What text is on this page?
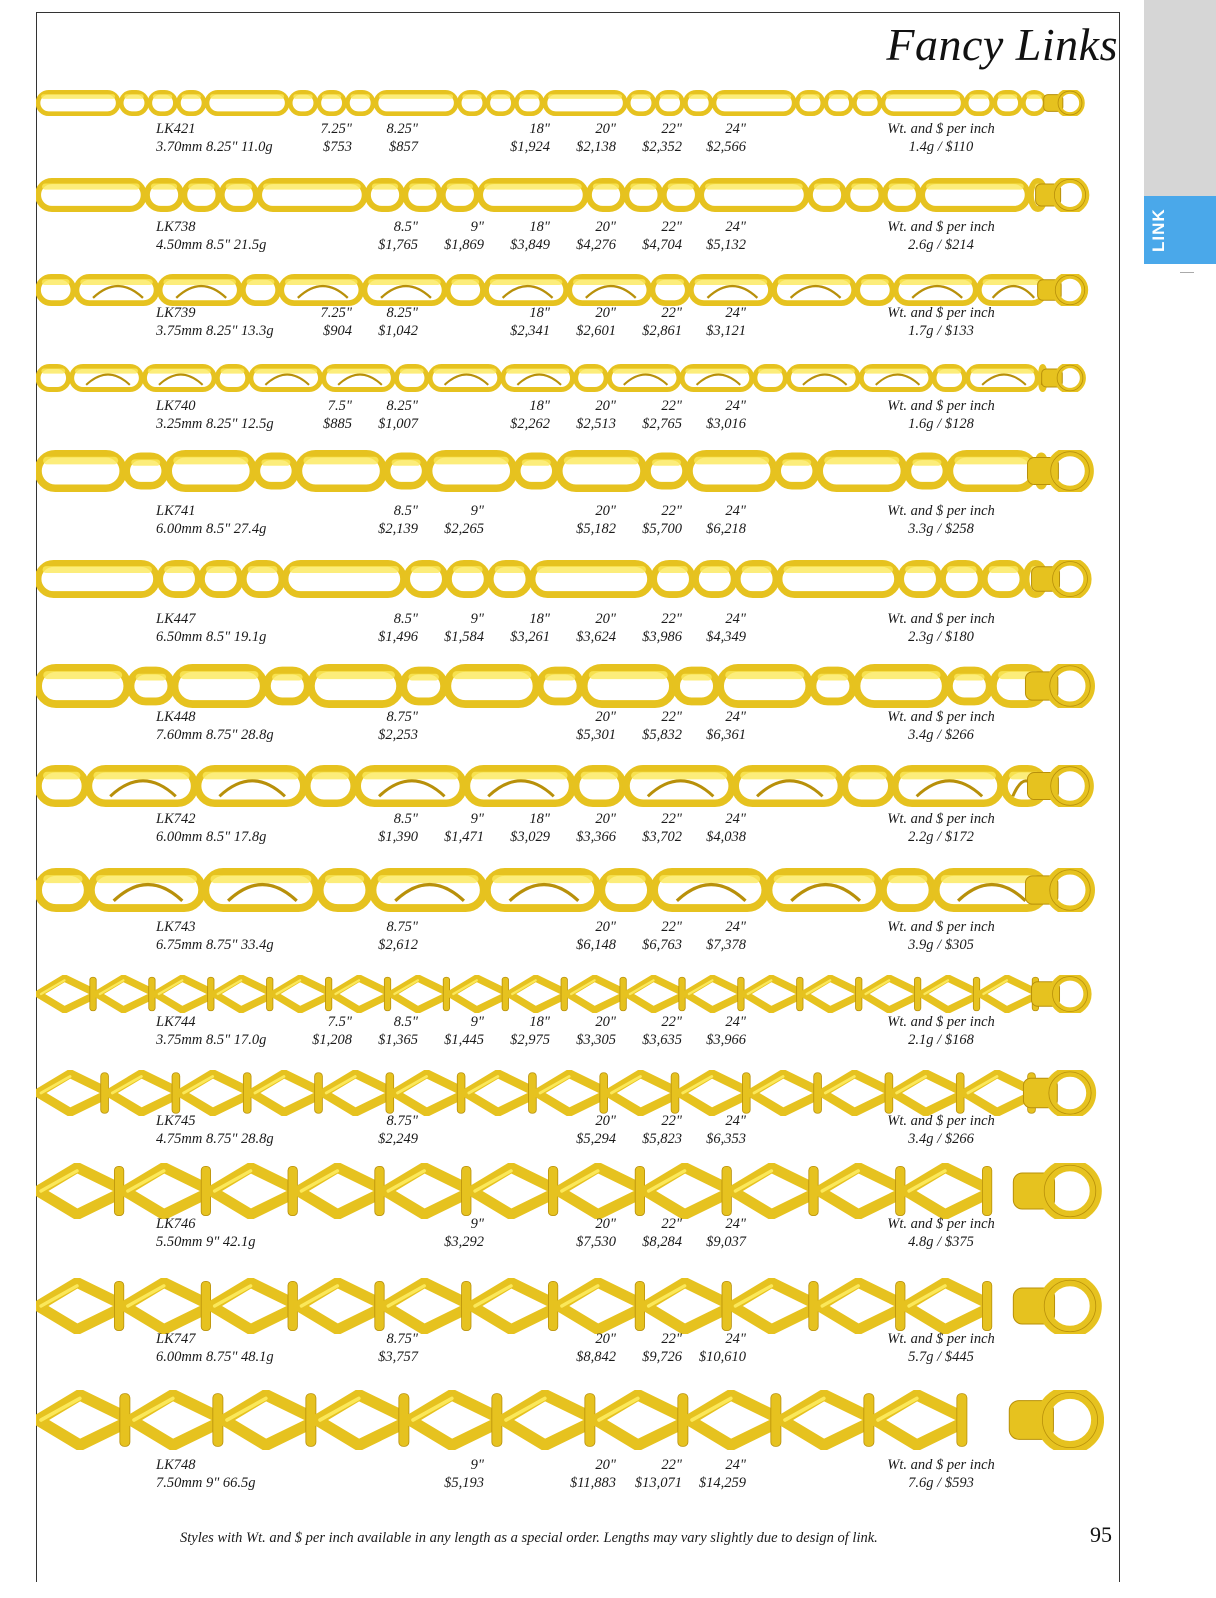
LINK
Fancy Links
LK421
3.70mm 8.25" 11.0g
7.25"
$753
8.25"
$857
18"
$1,924
20"
$2,138
22"
$2,352
24"
$2,566
Wt. and $ per inch
1.4g / $110
LK738
4.50mm 8.5" 21.5g
8.5"
$1,765
9"
$1,869
18"
$3,849
20"
$4,276
22"
$4,704
24"
$5,132
Wt. and $ per inch
2.6g / $214
LK739
3.75mm 8.25" 13.3g
7.25"
$904
8.25"
$1,042
18"
$2,341
20"
$2,601
22"
$2,861
24"
$3,121
Wt. and $ per inch
1.7g / $133
LK740
3.25mm 8.25" 12.5g
7.5"
$885
8.25"
$1,007
18"
$2,262
20"
$2,513
22"
$2,765
24"
$3,016
Wt. and $ per inch
1.6g / $128
LK741
6.00mm 8.5" 27.4g
8.5"
$2,139
9"
$2,265
20"
$5,182
22"
$5,700
24"
$6,218
Wt. and $ per inch
3.3g / $258
LK447
6.50mm 8.5" 19.1g
8.5"
$1,496
9"
$1,584
18"
$3,261
20"
$3,624
22"
$3,986
24"
$4,349
Wt. and $ per inch
2.3g / $180
LK448
7.60mm 8.75" 28.8g
8.75"
$2,253
20"
$5,301
22"
$5,832
24"
$6,361
Wt. and $ per inch
3.4g / $266
LK742
6.00mm 8.5" 17.8g
8.5"
$1,390
9"
$1,471
18"
$3,029
20"
$3,366
22"
$3,702
24"
$4,038
Wt. and $ per inch
2.2g / $172
LK743
6.75mm 8.75" 33.4g
8.75"
$2,612
20"
$6,148
22"
$6,763
24"
$7,378
Wt. and $ per inch
3.9g / $305
LK744
3.75mm 8.5" 17.0g
7.5"
$1,208
8.5"
$1,365
9"
$1,445
18"
$2,975
20"
$3,305
22"
$3,635
24"
$3,966
Wt. and $ per inch
2.1g / $168
LK745
4.75mm 8.75" 28.8g
8.75"
$2,249
20"
$5,294
22"
$5,823
24"
$6,353
Wt. and $ per inch
3.4g / $266
LK746
5.50mm 9" 42.1g
9"
$3,292
20"
$7,530
22"
$8,284
24"
$9,037
Wt. and $ per inch
4.8g / $375
LK747
6.00mm 8.75" 48.1g
8.75"
$3,757
20"
$8,842
22"
$9,726
24"
$10,610
Wt. and $ per inch
5.7g / $445
LK748
7.50mm 9" 66.5g
9"
$5,193
20"
$11,883
22"
$13,071
24"
$14,259
Wt. and $ per inch
7.6g / $593
Styles with Wt. and $ per inch available in any length as a special order. Lengths may vary slightly due to design of link.	95
